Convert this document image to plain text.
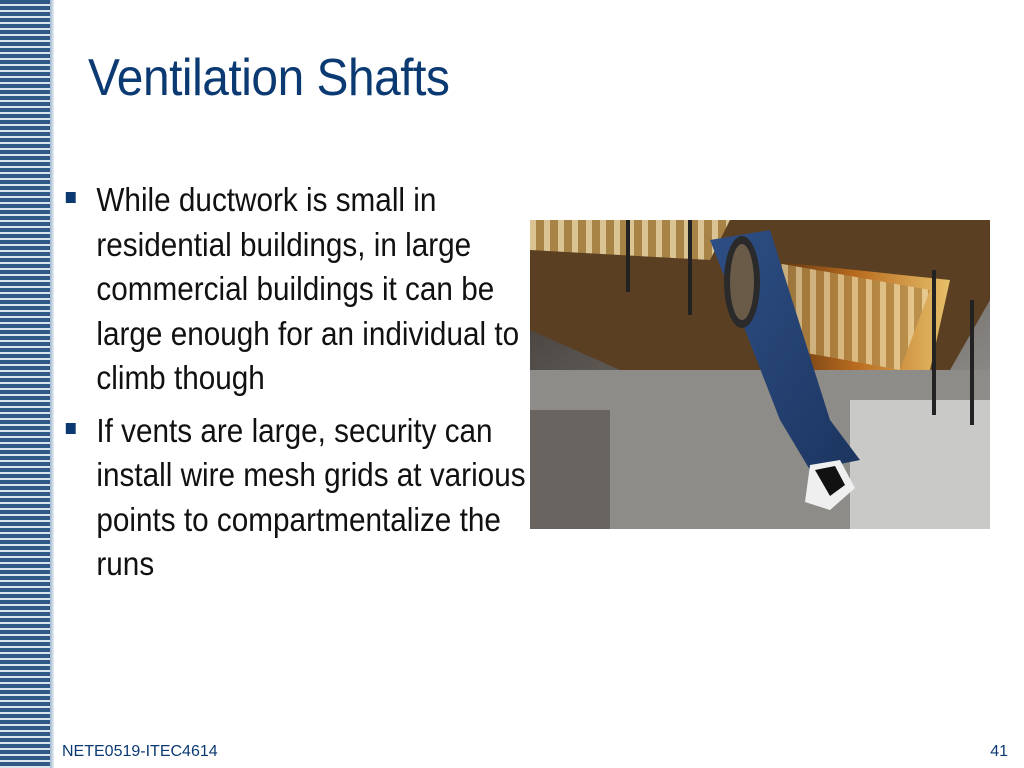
Ventilation Shafts
While ductwork is small in residential buildings, in large commercial buildings it can be large enough for an individual to climb though
If vents are large, security can install wire mesh grids at various points to compartmentalize the runs
NETE0519-ITEC4614	41
